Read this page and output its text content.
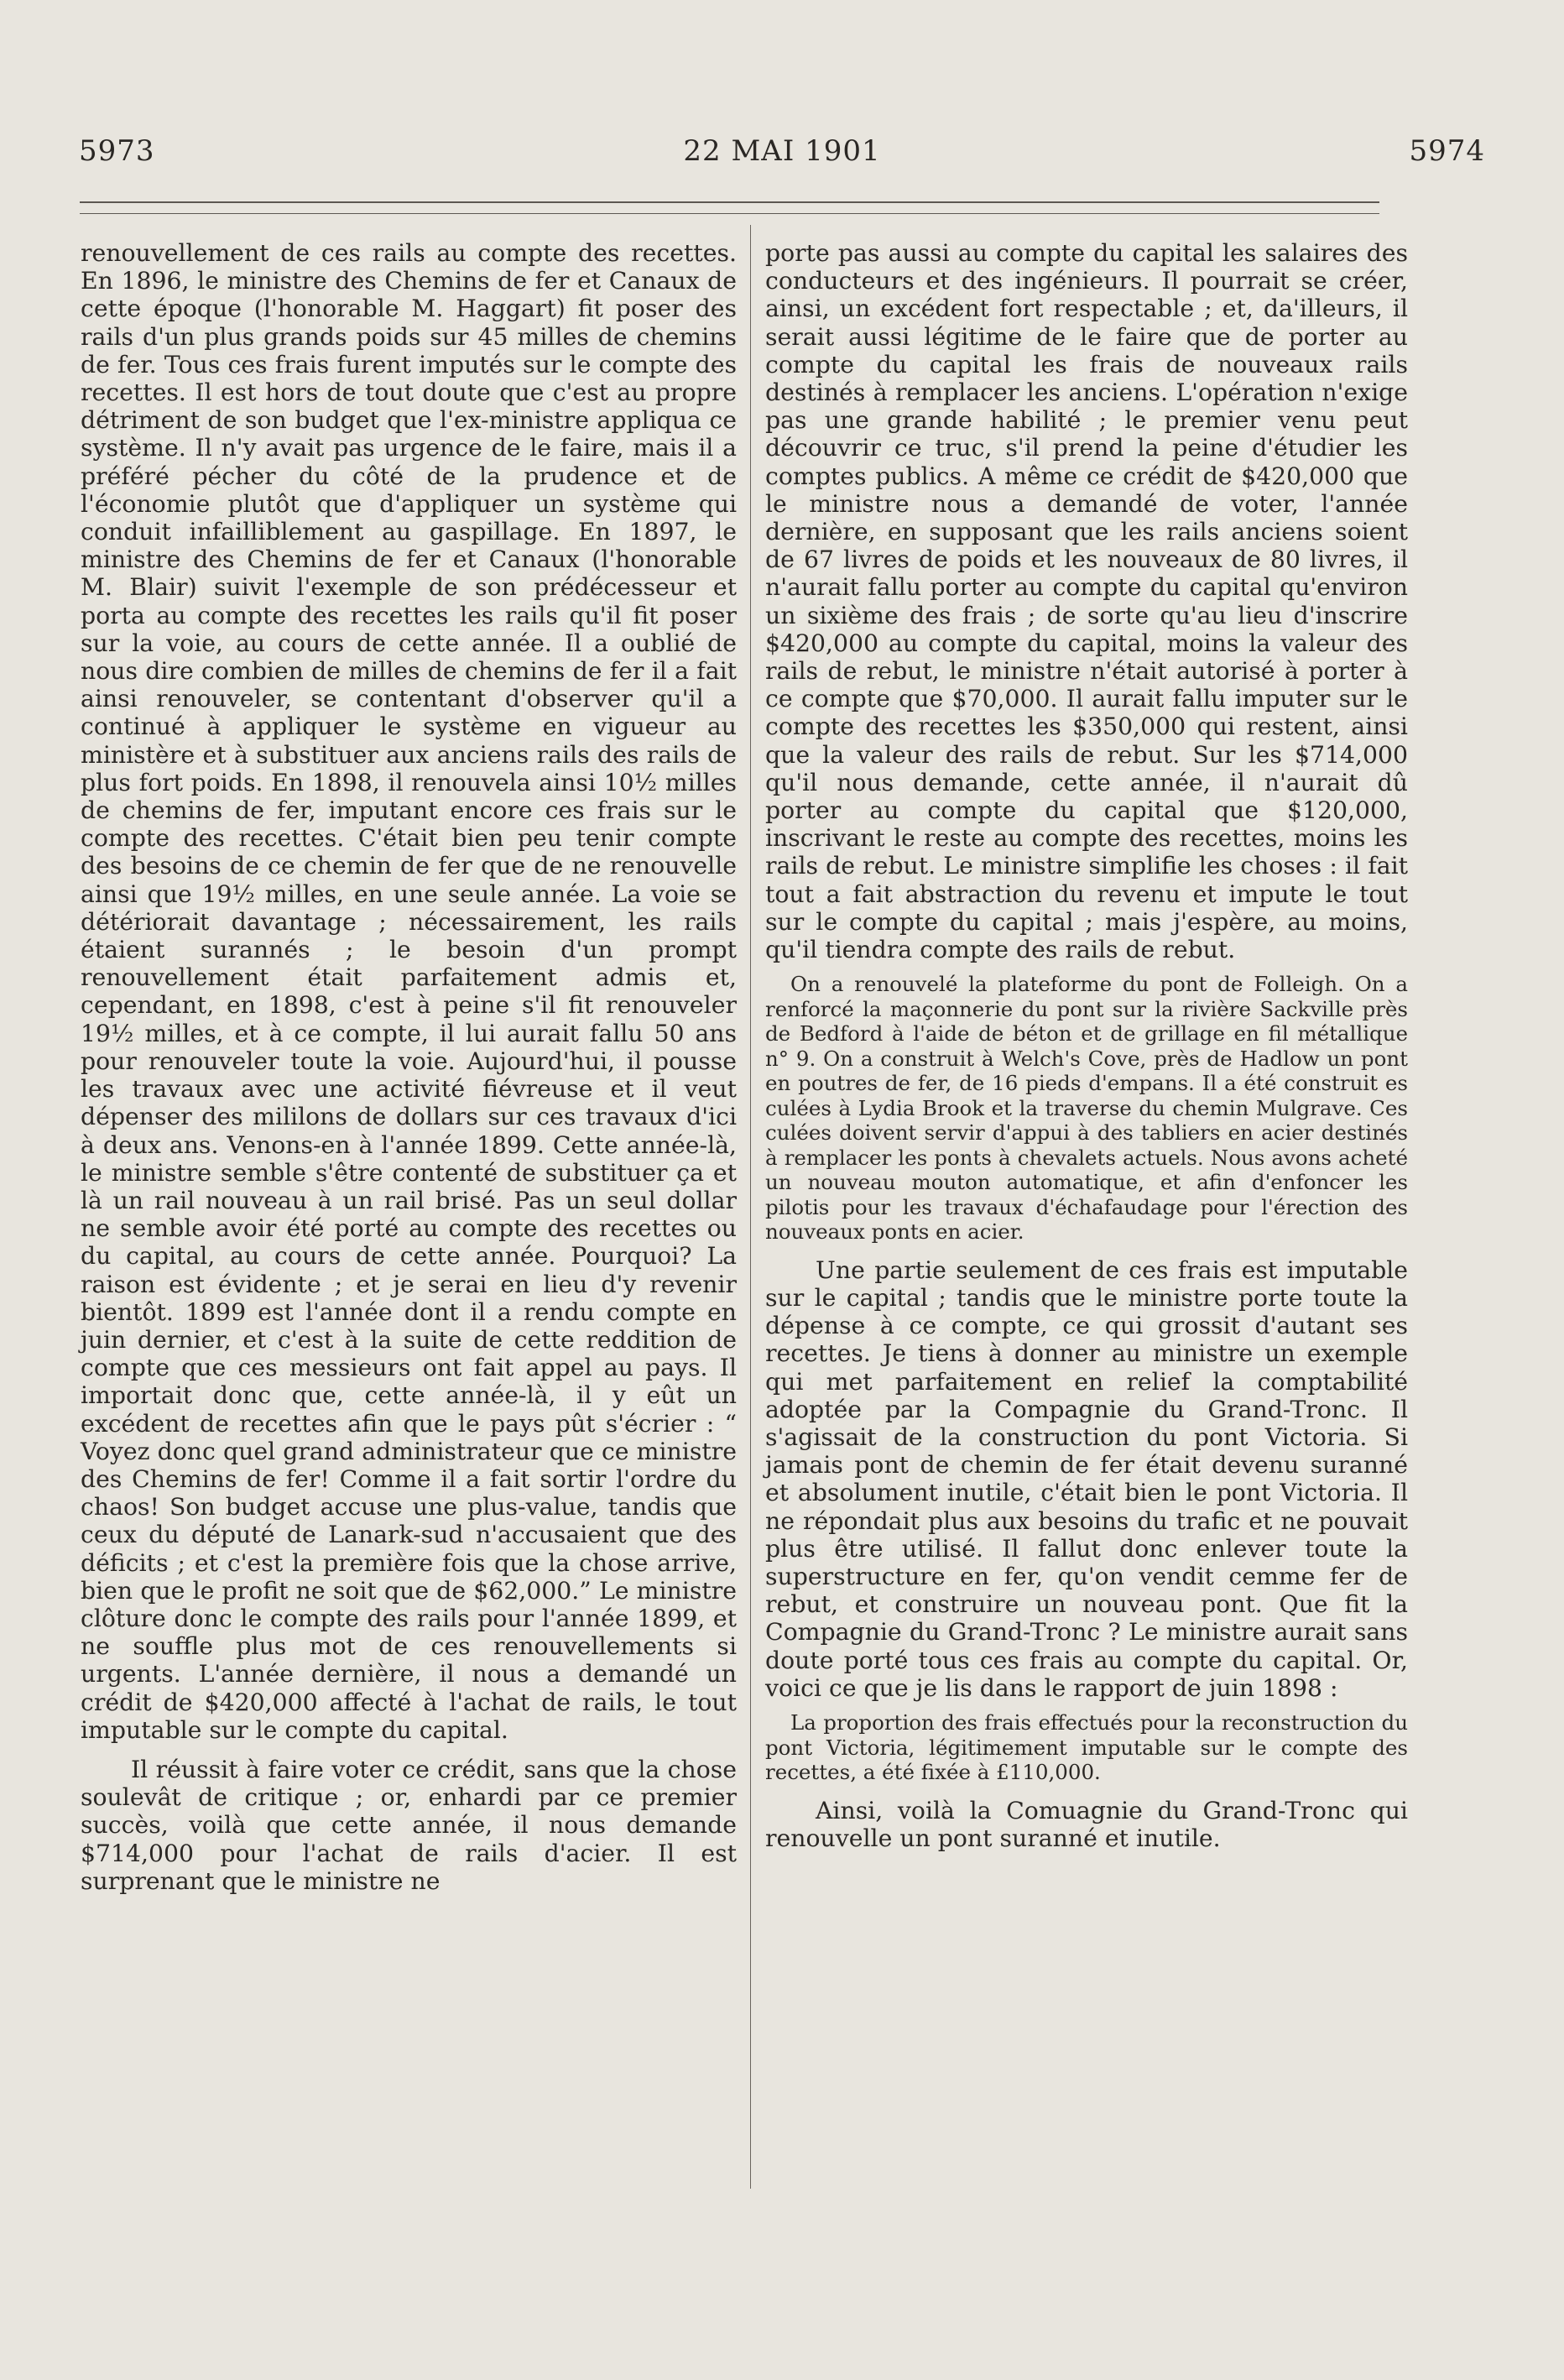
5973	22 MAI 1901	5974

renouvellement de ces rails au compte des recettes. En 1896, le ministre des Chemins de fer et Canaux de cette époque (l'honorable M. Haggart) fit poser des rails d'un plus grands poids sur 45 milles de chemins de fer. Tous ces frais furent imputés sur le compte des recettes. Il est hors de tout doute que c'est au propre détriment de son budget que l'ex-ministre appliqua ce système. Il n'y avait pas urgence de le faire, mais il a préféré pécher du côté de la prudence et de l'économie plutôt que d'appliquer un système qui conduit infailliblement au gaspillage. En 1897, le ministre des Chemins de fer et Canaux (l'honorable M. Blair) suivit l'exemple de son prédécesseur et porta au compte des recettes les rails qu'il fit poser sur la voie, au cours de cette année. Il a oublié de nous dire combien de milles de chemins de fer il a fait ainsi renouveler, se contentant d'observer qu'il a continué à appliquer le système en vigueur au ministère et à substituer aux anciens rails des rails de plus fort poids. En 1898, il renouvela ainsi 10½ milles de chemins de fer, imputant encore ces frais sur le compte des recettes. C'était bien peu tenir compte des besoins de ce chemin de fer que de ne renouvelle ainsi que 19½ milles, en une seule année. La voie se détériorait davantage ; nécessairement, les rails étaient surannés ; le besoin d'un prompt renouvellement était parfaitement admis et, cependant, en 1898, c'est à peine s'il fit renouveler 19½ milles, et à ce compte, il lui aurait fallu 50 ans pour renouveler toute la voie. Aujourd'hui, il pousse les travaux avec une activité fiévreuse et il veut dépenser des mililons de dollars sur ces travaux d'ici à deux ans. Venons-en à l'année 1899. Cette année-là, le ministre semble s'être contenté de substituer ça et là un rail nouveau à un rail brisé. Pas un seul dollar ne semble avoir été porté au compte des recettes ou du capital, au cours de cette année. Pourquoi? La raison est évidente ; et je serai en lieu d'y revenir bientôt. 1899 est l'année dont il a rendu compte en juin dernier, et c'est à la suite de cette reddition de compte que ces messieurs ont fait appel au pays. Il importait donc que, cette année-là, il y eût un excédent de recettes afin que le pays pût s'écrier : “ Voyez donc quel grand administrateur que ce ministre des Chemins de fer! Comme il a fait sortir l'ordre du chaos! Son budget accuse une plus-value, tandis que ceux du député de Lanark-sud n'accusaient que des déficits ; et c'est la première fois que la chose arrive, bien que le profit ne soit que de $62,000.” Le ministre clôture donc le compte des rails pour l'année 1899, et ne souffle plus mot de ces renouvellements si urgents. L'année dernière, il nous a demandé un crédit de $420,000 affecté à l'achat de rails, le tout imputable sur le compte du capital.

Il réussit à faire voter ce crédit, sans que la chose soulevât de critique ; or, enhardi par ce premier succès, voilà que cette année, il nous demande $714,000 pour l'achat de rails d'acier. Il est surprenant que le ministre ne

porte pas aussi au compte du capital les salaires des conducteurs et des ingénieurs. Il pourrait se créer, ainsi, un excédent fort respectable ; et, da'illeurs, il serait aussi légitime de le faire que de porter au compte du capital les frais de nouveaux rails destinés à remplacer les anciens. L'opération n'exige pas une grande habilité ; le premier venu peut découvrir ce truc, s'il prend la peine d'étudier les comptes publics. A même ce crédit de $420,000 que le ministre nous a demandé de voter, l'année dernière, en supposant que les rails anciens soient de 67 livres de poids et les nouveaux de 80 livres, il n'aurait fallu porter au compte du capital qu'environ un sixième des frais ; de sorte qu'au lieu d'inscrire $420,000 au compte du capital, moins la valeur des rails de rebut, le ministre n'était autorisé à porter à ce compte que $70,000. Il aurait fallu imputer sur le compte des recettes les $350,000 qui restent, ainsi que la valeur des rails de rebut. Sur les $714,000 qu'il nous demande, cette année, il n'aurait dû porter au compte du capital que $120,000, inscrivant le reste au compte des recettes, moins les rails de rebut. Le ministre simplifie les choses : il fait tout a fait abstraction du revenu et impute le tout sur le compte du capital ; mais j'espère, au moins, qu'il tiendra compte des rails de rebut.

On a renouvelé la plateforme du pont de Folleigh. On a renforcé la maçonnerie du pont sur la rivière Sackville près de Bedford à l'aide de béton et de grillage en fil métallique n° 9. On a construit à Welch's Cove, près de Hadlow un pont en poutres de fer, de 16 pieds d'empans. Il a été construit es culées à Lydia Brook et la traverse du chemin Mulgrave. Ces culées doivent servir d'appui à des tabliers en acier destinés à remplacer les ponts à chevalets actuels. Nous avons acheté un nouveau mouton automatique, et afin d'enfoncer les pilotis pour les travaux d'échafaudage pour l'érection des nouveaux ponts en acier.

Une partie seulement de ces frais est imputable sur le capital ; tandis que le ministre porte toute la dépense à ce compte, ce qui grossit d'autant ses recettes. Je tiens à donner au ministre un exemple qui met parfaitement en relief la comptabilité adoptée par la Compagnie du Grand-Tronc. Il s'agissait de la construction du pont Victoria. Si jamais pont de chemin de fer était devenu suranné et absolument inutile, c'était bien le pont Victoria. Il ne répondait plus aux besoins du trafic et ne pouvait plus être utilisé. Il fallut donc enlever toute la superstructure en fer, qu'on vendit cemme fer de rebut, et construire un nouveau pont. Que fit la Compagnie du Grand-Tronc ? Le ministre aurait sans doute porté tous ces frais au compte du capital. Or, voici ce que je lis dans le rapport de juin 1898 :

La proportion des frais effectués pour la reconstruction du pont Victoria, légitimement imputable sur le compte des recettes, a été fixée à £110,000.

Ainsi, voilà la Comuagnie du Grand-Tronc qui renouvelle un pont suranné et inutile.
